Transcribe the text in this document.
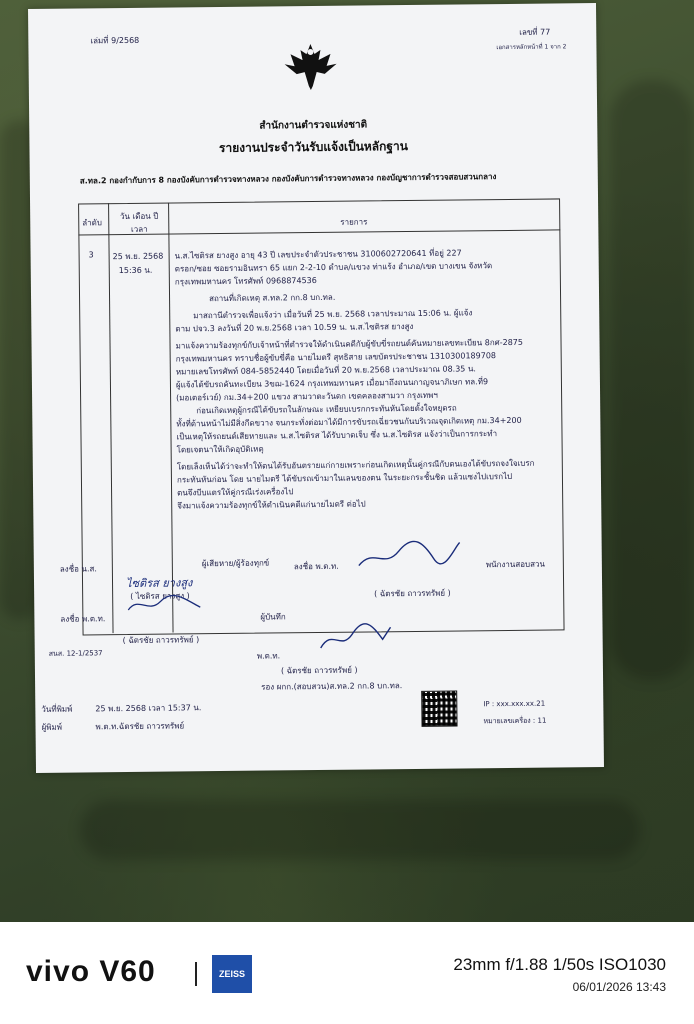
เล่มที่ 9/2568
เลขที่ 77
เอกสารหลักหน้าที่ 1 จาก 2
สำนักงานตำรวจแห่งชาติ
รายงานประจำวันรับแจ้งเป็นหลักฐาน
ส.ทล.2 กองกำกับการ 8 กองบังคับการตำรวจทางหลวง กองบังคับการตำรวจทางหลวง กองบัญชาการตำรวจสอบสวนกลาง
ลำดับ
วัน เดือน ปี เวลา
รายการ
3 25 พ.ย. 2568
15:36 น.
น.ส.ไซติรส ยางสูง อายุ 43 ปี เลขประจำตัวประชาชน 3100602720641 ที่อยู่ 227
ตรอก/ซอย ซอยรามอินทรา 65 แยก 2-2-10 ตำบล/แขวง ท่าแร้ง อำเภอ/เขต บางเขน จังหวัด
กรุงเทพมหานคร โทรศัพท์ 0968874536
สถานที่เกิดเหตุ ส.ทล.2 กก.8 บก.ทล.
มาสถานีตำรวจเพื่อแจ้งว่า เมื่อวันที่ 25 พ.ย. 2568 เวลาประมาณ 15:06 น. ผู้แจ้ง
ตาม ปจว.3 ลงวันที่ 20 พ.ย.2568 เวลา 10.59 น. น.ส.ไซติรส ยางสูง
มาแจ้งความร้องทุกข์กับเจ้าหน้าที่ตำรวจให้ดำเนินคดีกับผู้ขับขี่รถยนต์คันหมายเลขทะเบียน 8กศ-2875
กรุงเทพมหานคร ทราบชื่อผู้ขับขี่คือ นายไมตรี สุทธิสาย เลขบัตรประชาชน 1310300189708
หมายเลขโทรศัพท์ 084-5852440 โดยเมื่อวันที่ 20 พ.ย.2568 เวลาประมาณ 08.35 น.
ผู้แจ้งได้ขับรถคันทะเบียน 3ขฌ-1624 กรุงเทพมหานคร เมื่อมาถึงถนนกาญจนาภิเษก ทล.ที่9
(มอเตอร์เวย์) กม.34+200 แขวง สามวาตะวันตก เขตคลองสามวา กรุงเทพฯ
ก่อนเกิดเหตุผู้กรณีได้ขับรถในลักษณะ เหยียบเบรกกระทันหันโดยตั้งใจหยุดรถ
ทั้งที่ด้านหน้าไม่มีสิ่งกีดขวาง จนกระทั่งต่อมาได้มีการขับรถเฉี่ยวชนกันบริเวณจุดเกิดเหตุ กม.34+200
เป็นเหตุให้รถยนต์เสียหายและ น.ส.ไซติรส ได้รับบาดเจ็บ ซึ่ง น.ส.ไซติรส แจ้งว่าเป็นการกระทำ
โดยเจตนาให้เกิดอุบัติเหตุ
โดยเล็งเห็นได้ว่าจะทำให้ตนได้รับอันตรายแก่กายเพราะก่อนเกิดเหตุนั้นคู่กรณีกับตนเองได้ขับรถจงใจเบรก
กระทันหันก่อน โดย นายไมตรี ได้ขับรถเข้ามาในเลนของตน ในระยะกระชั้นชิด แล้วแซงไปเบรกไป
ตนจึงบีบแตรให้คู่กรณีเร่งเครื่องไป
จึงมาแจ้งความร้องทุกข์ให้ดำเนินคดีแก่นายไมตรี ต่อไป
ลงชื่อ น.ส.
ผู้เสียหาย/ผู้ร้องทุกข์	ลงชื่อ พ.ต.ท.	พนักงานสอบสวน
ไซติรส ยางสูง
( ไซติรส ยางสูง )	( ฉัตรชัย ถาวรทรัพย์ )
ลงชื่อ พ.ต.ท.
( ฉัตรชัย ถาวรทรัพย์ )
ผู้บันทึก
สนส. 12-1/2537	พ.ต.ท.
( ฉัตรชัย ถาวรทรัพย์ )
รอง ผกก.(สอบสวน)ส.ทล.2 กก.8 บก.ทล.
วันที่พิมพ์	25 พ.ย. 2568 เวลา 15:37 น.
ผู้พิมพ์	พ.ต.ท.ฉัตรชัย ถาวรทรัพย์
IP : xxx.xxx.xx.21
หมายเลขเครื่อง : 11
vivo V60	ZEISS	23mm f/1.88 1/50s ISO1030
06/01/2026 13:43
